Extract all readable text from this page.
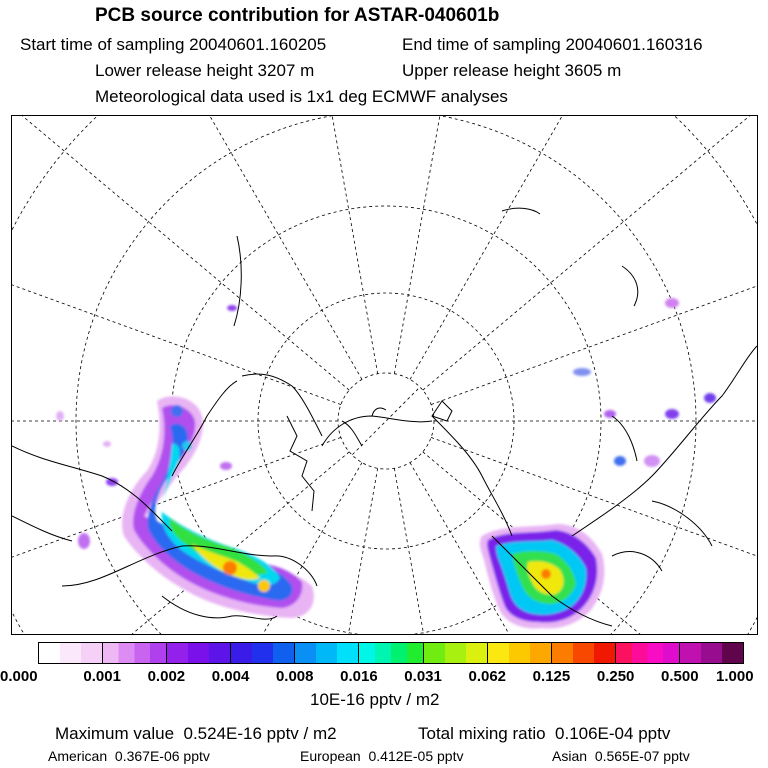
PCB source contribution for ASTAR-040601b
Start time of sampling 20040601.160205	End time of sampling 20040601.160316
Lower release height 3207 m	Upper release height 3605 m
Meteorological data used is 1x1 deg ECMWF analyses
0.000	0.001 0.002 0.004 0.008 0.016 0.031 0.062 0.125 0.250 0.500 1.000
10E-16 pptv / m2
Maximum value 0.524E-16 pptv / m2	Total mixing ratio 0.106E-04 pptv
American 0.367E-06 pptv	European 0.412E-05 pptv	Asian 0.565E-07 pptv
